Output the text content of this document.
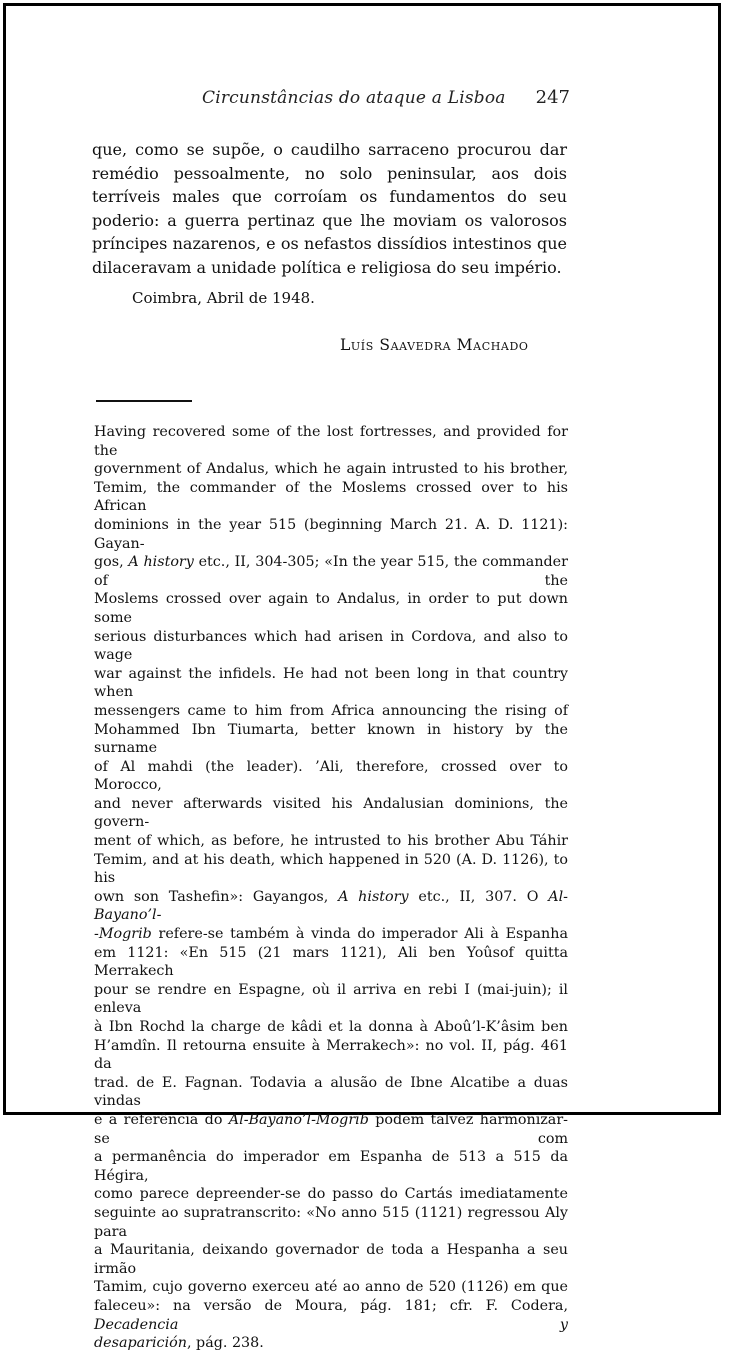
Circunstâncias do ataque a Lisboa 247

que, como se supõe, o caudilho sarraceno procurou dar remédio pessoalmente, no solo peninsular, aos dois terríveis males que corroíam os fundamentos do seu poderio: a guerra pertinaz que lhe moviam os valorosos príncipes nazarenos, e os nefastos dissídios intestinos que dilaceravam a unidade política e religiosa do seu império.

Coimbra, Abril de 1948.
Luís Saavedra Machado
Having recovered some of the lost fortresses, and provided for the
government of Andalus, which he again intrusted to his brother,
Temim, the commander of the Moslems crossed over to his African
dominions in the year 515 (beginning March 21. A. D. 1121): Gayan-
gos, A history etc., II, 304-305; «In the year 515, the commander of the
Moslems crossed over again to Andalus, in order to put down some
serious disturbances which had arisen in Cordova, and also to wage
war against the infidels. He had not been long in that country when
messengers came to him from Africa announcing the rising of
Mohammed Ibn Tiumarta, better known in history by the surname
of Al mahdi (the leader). ’Ali, therefore, crossed over to Morocco,
and never afterwards visited his Andalusian dominions, the govern-
ment of which, as before, he intrusted to his brother Abu Táhir
Temim, and at his death, which happened in 520 (A. D. 1126), to his
own son Tashefin»: Gayangos, A history etc., II, 307. O Al-Bayano’l-
-Mogrib refere-se também à vinda do imperador Ali à Espanha
em 1121: «En 515 (21 mars 1121), Ali ben Yoûsof quitta Merrakech
pour se rendre en Espagne, où il arriva en rebi I (mai-juin); il enleva
à Ibn Rochd la charge de kâdi et la donna à Aboû’l-K’âsim ben
H’amdîn. Il retourna ensuite à Merrakech»: no vol. II, pág. 461 da
trad. de E. Fagnan. Todavia a alusão de Ibne Alcatibe a duas vindas
e a referência do Al-Bayano’l-Mogrib podem talvez harmonizar-se com
a permanência do imperador em Espanha de 513 a 515 da Hégira,
como parece depreender-se do passo do Cartás imediatamente
seguinte ao supratranscrito: «No anno 515 (1121) regressou Aly para
a Mauritania, deixando governador de toda a Hespanha a seu irmão
Tamim, cujo governo exerceu até ao anno de 520 (1126) em que
faleceu»: na versão de Moura, pág. 181; cfr. F. Codera, Decadencia y
desaparición, pág. 238.
